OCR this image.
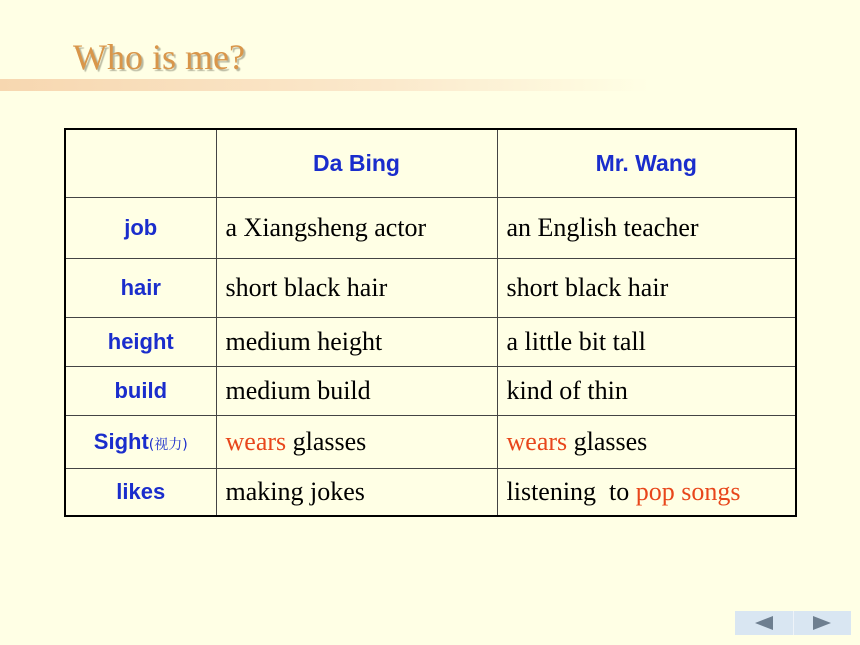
Who is me?
	Da Bing	Mr. Wang
job	a Xiangsheng actor	an English teacher
hair	short black hair	short black hair
height	medium height	a little bit tall
build	medium build	kind of thin
Sight(视力)	wears glasses	wears glasses
likes	making jokes	listening  to pop songs
